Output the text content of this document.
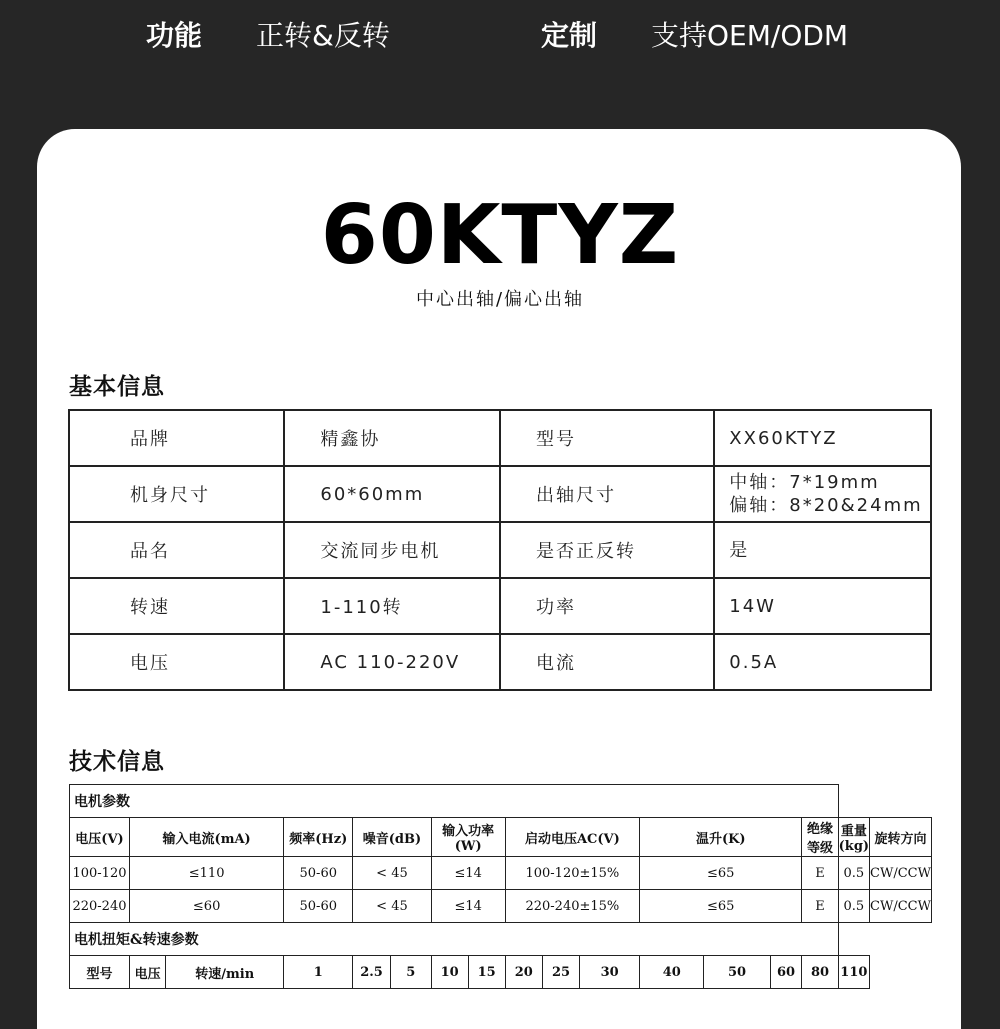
功能 正转&反转	定制 支持OEM/ODM
60KTYZ
中心出轴/偏心出轴
基本信息
品牌	精鑫协	型号	XX60KTYZ
机身尺寸	60*60mm	出轴尺寸	中轴：7*19mm
偏轴：8*20&24mm

品名	交流同步电机	是否正反转	是
转速	1-110转	功率	14W
电压	AC 110-220V	电流	0.5A
技术信息
电机参数																
电压(V)	输入电流(mA)		频率(Hz)	噪音(dB)		输入功率(W)		启动电压AC(V)			温升(K)			绝缘等级	重量(kg)	旋转方向
100-120	≤110		50-60	< 45		≤14		100-120±15%			≤65			E	0.5	CW/CCW
220-240	≤60		50-60	< 45		≤14		220-240±15%			≤65			E	0.5	CW/CCW
电机扭矩&转速参数																
型号	电压	转速/min	1	2.5	5	10	15	20	25	30	40	50	60	80	110	
